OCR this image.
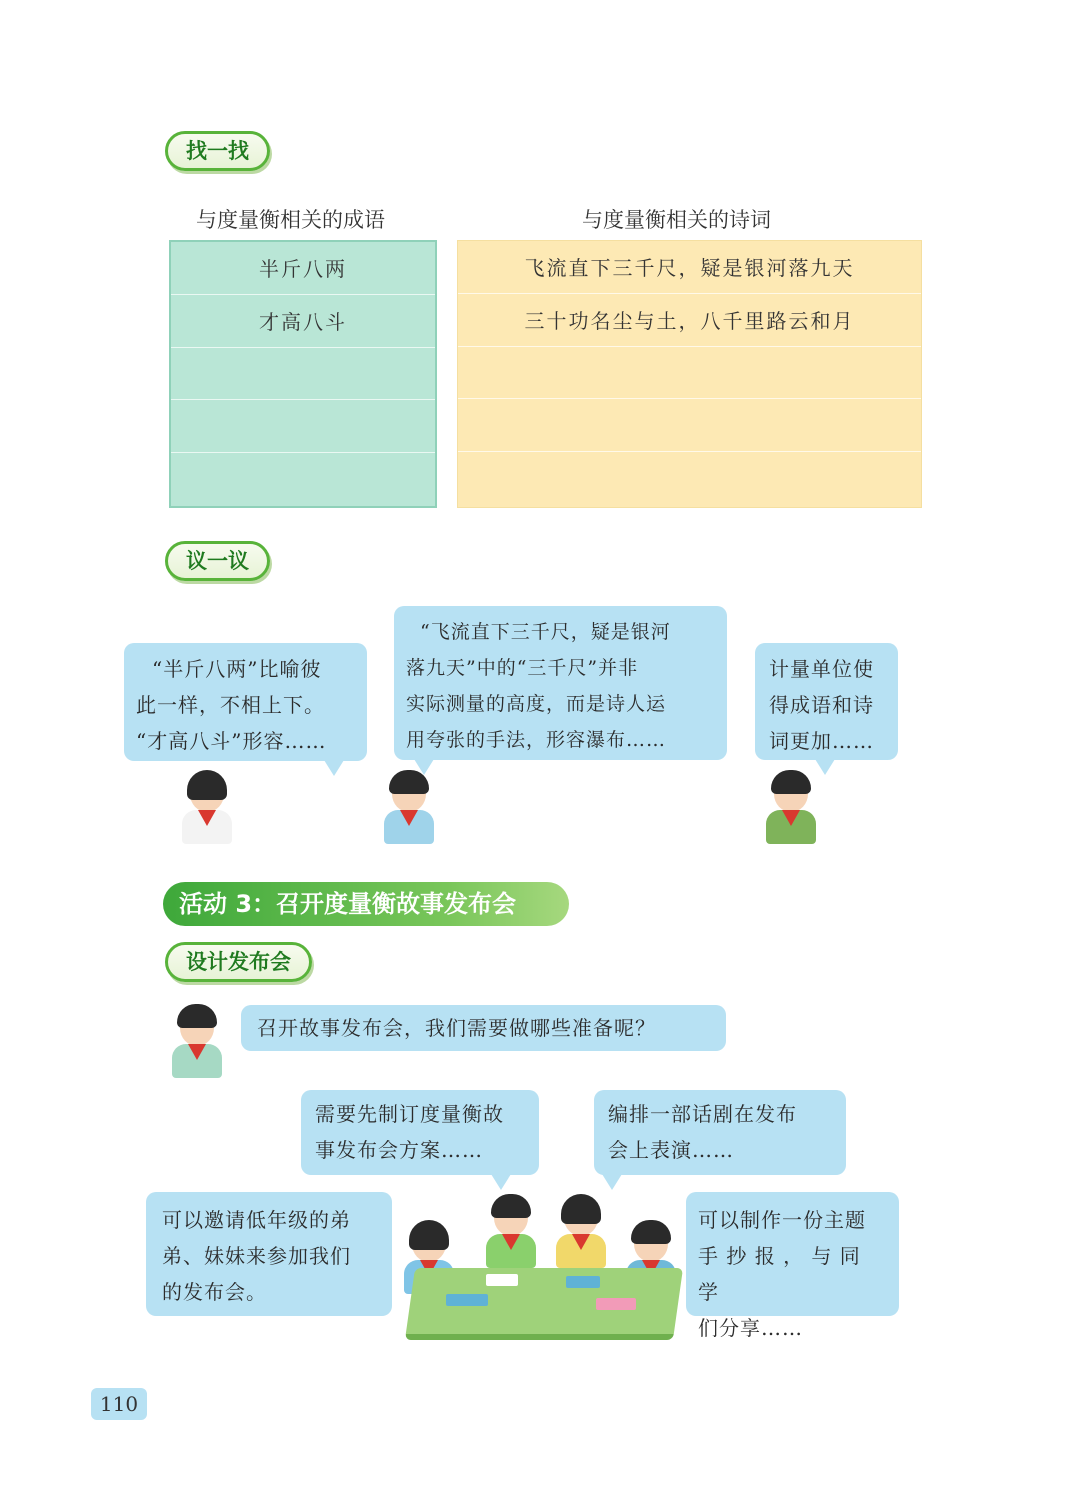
找一找
与度量衡相关的成语	与度量衡相关的诗词
半斤八两
才高八斗
飞流直下三千尺，疑是银河落九天
三十功名尘与土，八千里路云和月
议一议
“半斤八两”比喻彼
此一样，不相上下。
“才高八斗”形容……
“飞流直下三千尺，疑是银河
落九天”中的“三千尺”并非
实际测量的高度，而是诗人运
用夸张的手法，形容瀑布……
计量单位使
得成语和诗
词更加……
活动 3：召开度量衡故事发布会
设计发布会
召开故事发布会，我们需要做哪些准备呢？
需要先制订度量衡故
事发布会方案……
编排一部话剧在发布
会上表演……
可以邀请低年级的弟
弟、妹妹来参加我们
的发布会。
可以制作一份主题
手 抄 报 ， 与 同 学
们分享……
110
